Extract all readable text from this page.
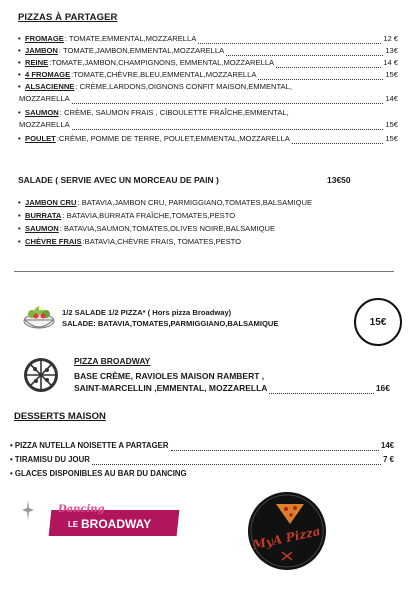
PIZZAS À PARTAGER
• FROMAGE : TOMATE,EMMENTAL,MOZZARELLA	12 €
• JAMBON : TOMATE,JAMBON,EMMENTAL,MOZZARELLA	13€
• REINE :TOMATE,JAMBON,CHAMPIGNONS, EMMENTAL,MOZZARELLA	14 €
• 4 FROMAGE :TOMATE,CHÈVRE,BLEU,EMMENTAL,MOZZARELLA	15€
• ALSACIENNE : CRÈME,LARDONS,OIGNONS CONFIT MAISON,EMMENTAL,
MOZZARELLA	14€
• SAUMON : CRÈME, SAUMON FRAIS , CIBOULETTE FRAÎCHE,EMMENTAL,
MOZZARELLA	15€
• POULET :CRÈME, POMME DE TERRE, POULET,EMMENTAL,MOZZARELLA	15€
SALADE ( SERVIE AVEC UN MORCEAU DE PAIN )	13€50
• JAMBON CRU : BATAVIA,JAMBON CRU, PARMIGGIANO,TOMATES,BALSAMIQUE
• BURRATA : BATAVIA,BURRATA FRAÎCHE,TOMATES,PESTO
• SAUMON : BATAVIA,SAUMON,TOMATES,OLIVES NOIRE,BALSAMIQUE
• CHÈVRE FRAIS :BATAVIA,CHÈVRE FRAIS, TOMATES,PESTO
1/2 SALADE 1/2 PIZZA* ( Hors pizza Broadway)
SALADE: BATAVIA,TOMATES,PARMIGGIANO,BALSAMIQUE	15€
PIZZA BROADWAY
BASE CRÈME, RAVIOLES MAISON RAMBERT ,
SAINT-MARCELLIN ,EMMENTAL, MOZZARELLA	16€
DESSERTS MAISON
• PIZZA NUTELLA NOISETTE A PARTAGER	14€
• TIRAMISU DU JOUR	7 €
• GLACES DISPONIBLES AU BAR DU DANCING
Dancing
LE BROADWAY
MyA Pizza
